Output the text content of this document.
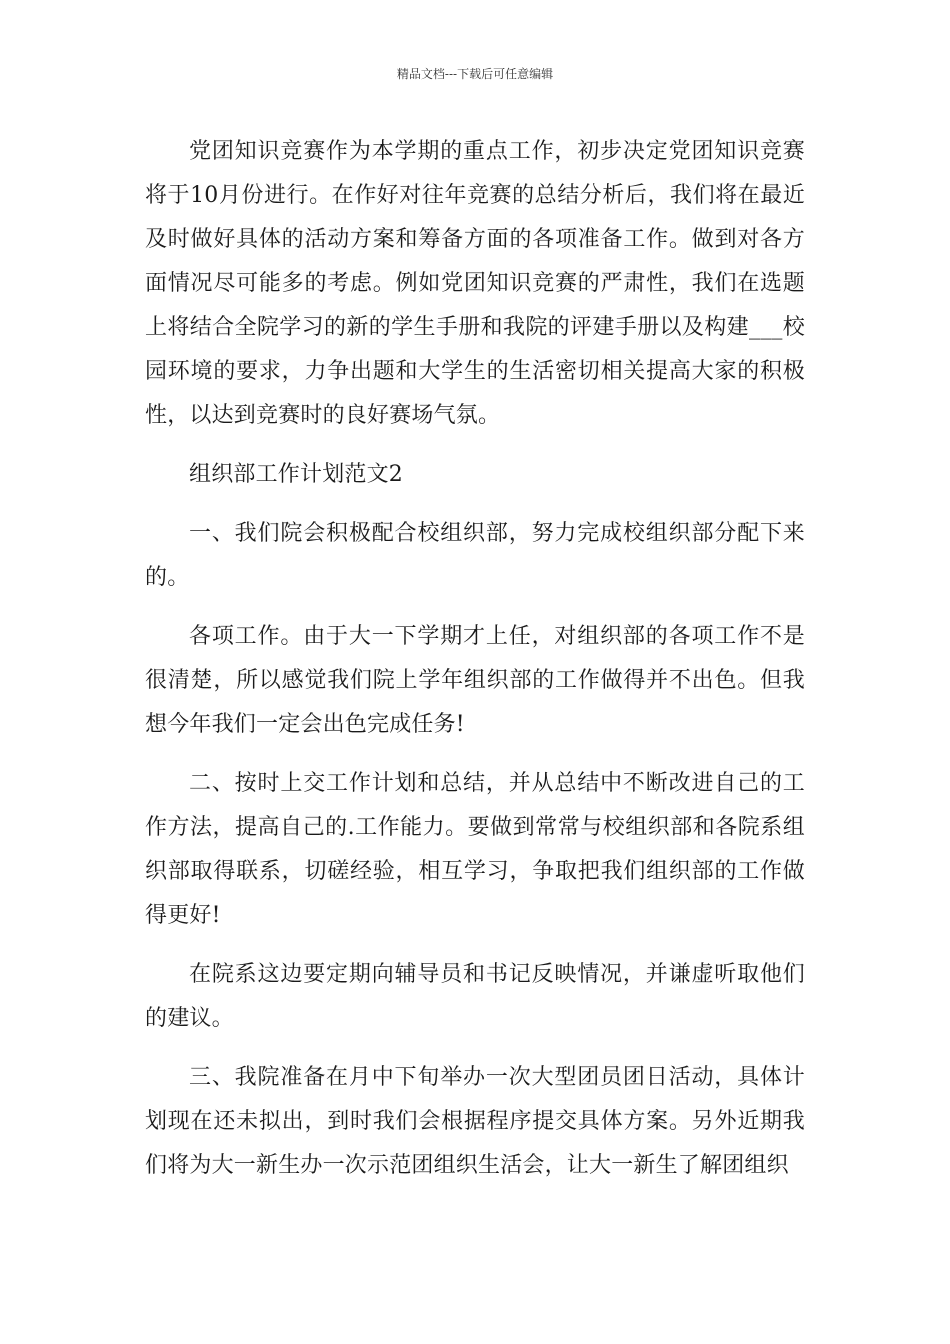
精品文档---下载后可任意编辑

党团知识竞赛作为本学期的重点工作，初步决定党团知识竞赛将于10月份进行。在作好对往年竞赛的总结分析后，我们将在最近及时做好具体的活动方案和筹备方面的各项准备工作。做到对各方面情况尽可能多的考虑。例如党团知识竞赛的严肃性，我们在选题上将结合全院学习的新的学生手册和我院的评建手册以及构建___校园环境的要求，力争出题和大学生的生活密切相关提高大家的积极性，以达到竞赛时的良好赛场气氛。

组织部工作计划范文2

一、我们院会积极配合校组织部，努力完成校组织部分配下来的。

各项工作。由于大一下学期才上任，对组织部的各项工作不是很清楚，所以感觉我们院上学年组织部的工作做得并不出色。但我想今年我们一定会出色完成任务!

二、按时上交工作计划和总结，并从总结中不断改进自己的工作方法，提高自己的.工作能力。要做到常常与校组织部和各院系组织部取得联系，切磋经验，相互学习，争取把我们组织部的工作做得更好!

在院系这边要定期向辅导员和书记反映情况，并谦虚听取他们的建议。

三、我院准备在月中下旬举办一次大型团员团日活动，具体计划现在还未拟出，到时我们会根据程序提交具体方案。另外近期我们将为大一新生办一次示范团组织生活会，让大一新生了解团组织
